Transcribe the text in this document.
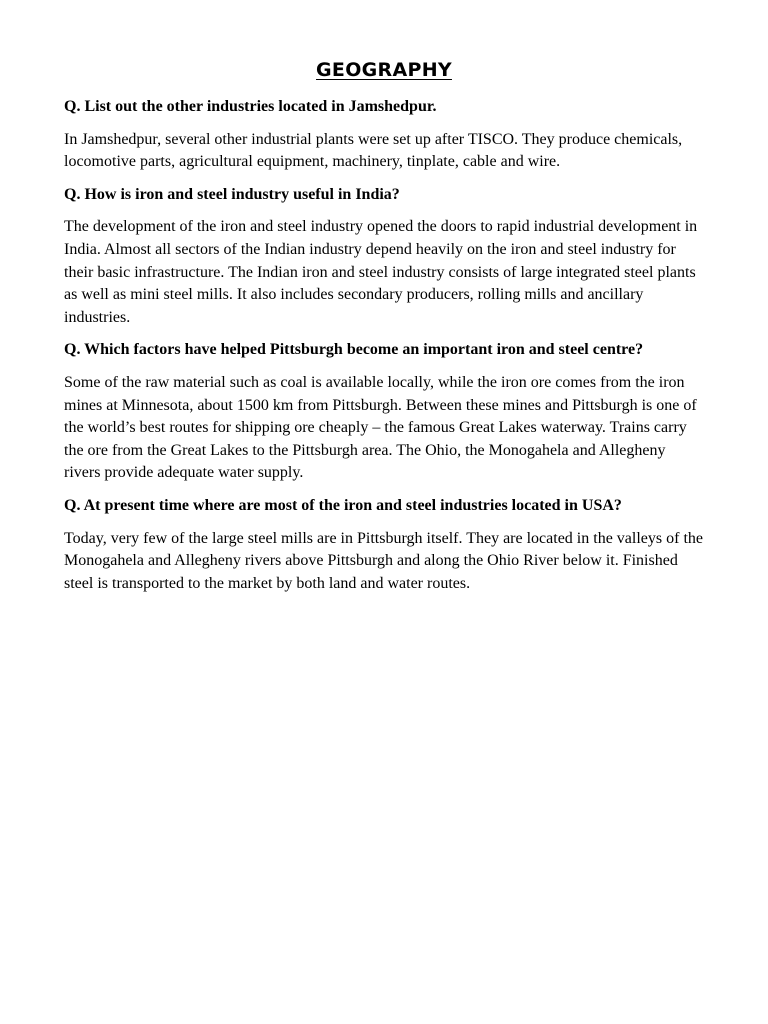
GEOGRAPHY

Q. List out the other industries located in Jamshedpur.

In Jamshedpur, several other industrial plants were set up after TISCO. They produce chemicals, locomotive parts, agricultural equipment, machinery, tinplate, cable and wire.

Q. How is iron and steel industry useful in India?

The development of the iron and steel industry opened the doors to rapid industrial development in India. Almost all sectors of the Indian industry depend heavily on the iron and steel industry for their basic infrastructure. The Indian iron and steel industry consists of large integrated steel plants as well as mini steel mills. It also includes secondary producers, rolling mills and ancillary industries.

Q. Which factors have helped Pittsburgh become an important iron and steel centre?

Some of the raw material such as coal is available locally, while the iron ore comes from the iron mines at Minnesota, about 1500 km from Pittsburgh. Between these mines and Pittsburgh is one of the world’s best routes for shipping ore cheaply – the famous Great Lakes waterway. Trains carry the ore from the Great Lakes to the Pittsburgh area. The Ohio, the Monogahela and Allegheny rivers provide adequate water supply.

Q. At present time where are most of the iron and steel industries located in USA?

Today, very few of the large steel mills are in Pittsburgh itself. They are located in the valleys of the Monogahela and Allegheny rivers above Pittsburgh and along the Ohio River below it. Finished steel is transported to the market by both land and water routes.
